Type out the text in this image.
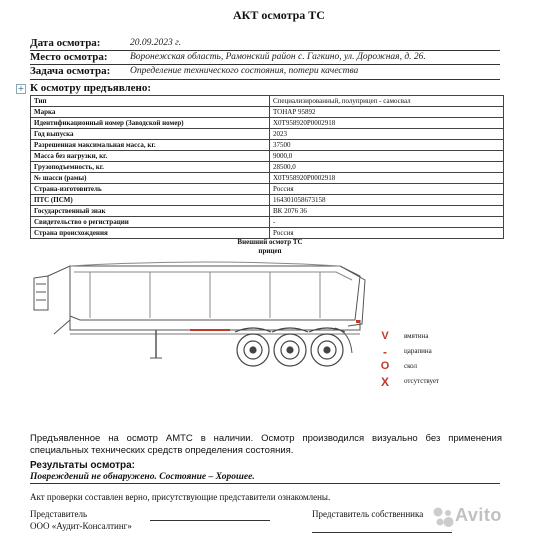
АКТ осмотра ТС
Дата осмотра:	20.09.2023 г.
Место осмотра: Воронежская область, Рамонский район с. Гагкино, ул. Дорожная, д. 26.
Задача осмотра: Определение технического состояния, потери качества
+ К осмотру предъявлено:
Тип	Специализированный, полуприцеп - самосвал
Марка	ТОНАР 95892
Идентификационный номер (Заводской номер)	X0T958920P0002918
Год выпуска	2023
Разрешенная максимальная масса, кг.	37500
Масса без нагрузки, кг.	9000,0
Грузоподъемность, кг.	28500,0
№ шасси (рамы)	X0T958920P0002918
Страна-изготовитель	Россия
ПТС (ПСМ)	164301058673158
Государственный знак	ВК 2076 36
Свидетельство о регистрации	-
Страна происхождения	Россия
Внешний осмотр ТС
прицеп
V	вмятина
-	царапина
O	скол
X	отсутствует
Предъявленное на осмотр АМТС в наличии. Осмотр производился визуально без применения специальных технических средств определения состояния.
Результаты осмотра:
Повреждений не обнаружено. Состояние – Хорошее.
Акт проверки составлен верно, присутствующие представители ознакомлены.
Представитель	Представитель собственника
ООО «Аудит-Консалтинг»
Avito
